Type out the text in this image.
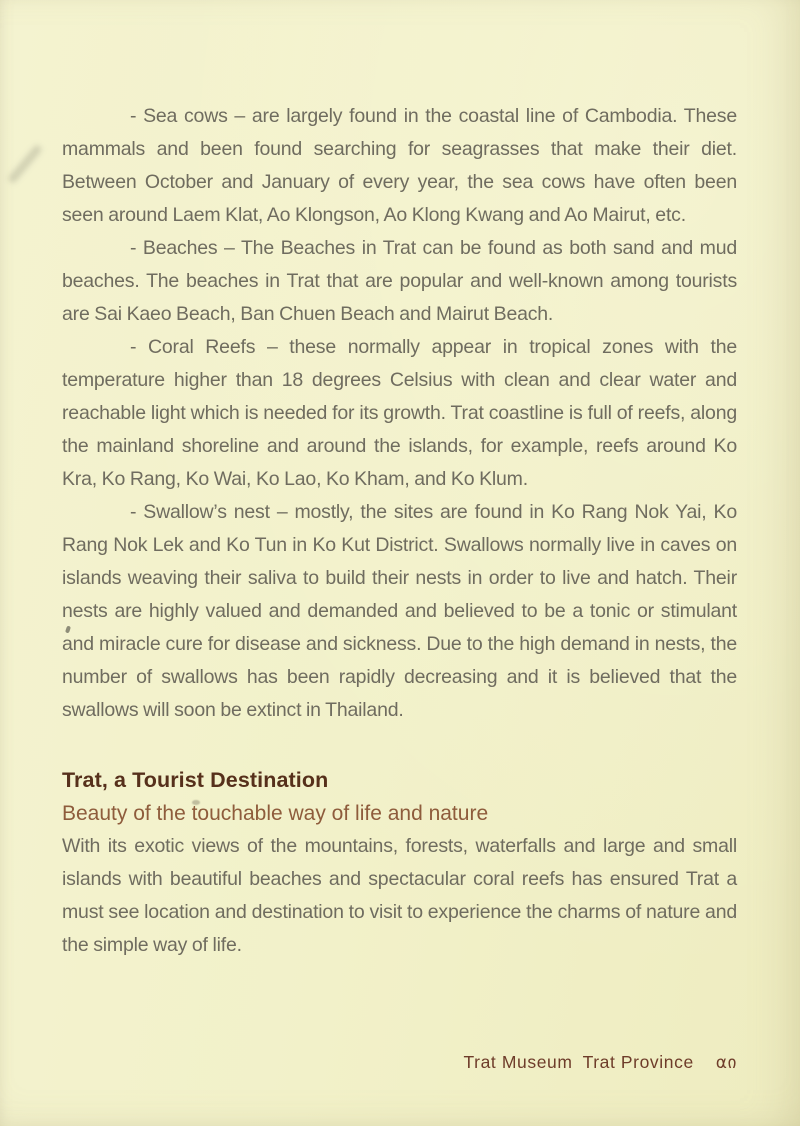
- Sea cows – are largely found in the coastal line of Cambodia. These mammals and been found searching for seagrasses that make their diet. Between October and January of every year, the sea cows have often been seen around Laem Klat, Ao Klongson, Ao Klong Kwang and Ao Mairut, etc.

- Beaches – The Beaches in Trat can be found as both sand and mud beaches. The beaches in Trat that are popular and well-known among tourists are Sai Kaeo Beach, Ban Chuen Beach and Mairut Beach.

- Coral Reefs – these normally appear in tropical zones with the temperature higher than 18 degrees Celsius with clean and clear water and reachable light which is needed for its growth. Trat coastline is full of reefs, along the mainland shoreline and around the islands, for example, reefs around Ko Kra, Ko Rang, Ko Wai, Ko Lao, Ko Kham, and Ko Klum.

- Swallow’s nest – mostly, the sites are found in Ko Rang Nok Yai, Ko Rang Nok Lek and Ko Tun in Ko Kut District. Swallows normally live in caves on islands weaving their saliva to build their nests in order to live and hatch. Their nests are highly valued and demanded and believed to be a tonic or stimulant and miracle cure for disease and sickness. Due to the high demand in nests, the number of swallows has been rapidly decreasing and it is believed that the swallows will soon be extinct in Thailand.

Trat, a Tourist Destination

Beauty of the touchable way of life and nature

With its exotic views of the mountains, forests, waterfalls and large and small islands with beautiful beaches and spectacular coral reefs has ensured Trat a must see location and destination to visit to experience the charms of nature and the simple way of life.

Trat Museum Trat Province αი
